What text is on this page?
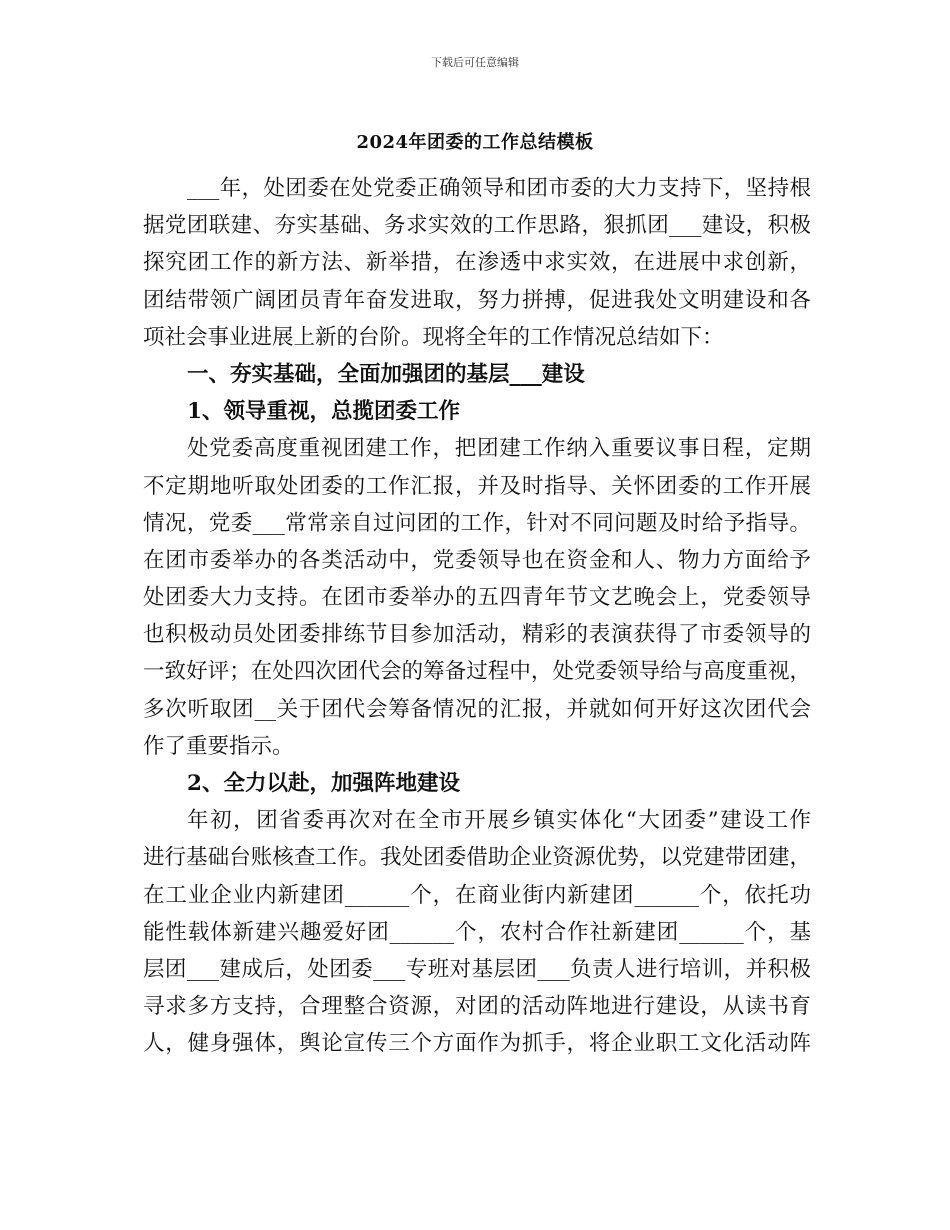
下载后可任意编辑
2024年团委的工作总结模板
___年，处团委在处党委正确领导和团市委的大力支持下，坚持根
据党团联建、夯实基础、务求实效的工作思路，狠抓团___建设，积极
探究团工作的新方法、新举措，在渗透中求实效，在进展中求创新，
团结带领广阔团员青年奋发进取，努力拼搏，促进我处文明建设和各
项社会事业进展上新的台阶。现将全年的工作情况总结如下：
一、夯实基础，全面加强团的基层___建设
1、领导重视，总揽团委工作
处党委高度重视团建工作，把团建工作纳入重要议事日程，定期
不定期地听取处团委的工作汇报，并及时指导、关怀团委的工作开展
情况，党委___常常亲自过问团的工作，针对不同问题及时给予指导。
在团市委举办的各类活动中，党委领导也在资金和人、物力方面给予
处团委大力支持。在团市委举办的五四青年节文艺晚会上，党委领导
也积极动员处团委排练节目参加活动，精彩的表演获得了市委领导的
一致好评；在处四次团代会的筹备过程中，处党委领导给与高度重视，
多次听取团__关于团代会筹备情况的汇报，并就如何开好这次团代会
作了重要指示。
2、全力以赴，加强阵地建设
年初，团省委再次对在全市开展乡镇实体化“大团委”建设工作
进行基础台账核查工作。我处团委借助企业资源优势，以党建带团建，
在工业企业内新建团______个，在商业街内新建团______个，依托功
能性载体新建兴趣爱好团______个，农村合作社新建团______个，基
层团___建成后，处团委___专班对基层团___负责人进行培训，并积极
寻求多方支持，合理整合资源，对团的活动阵地进行建设，从读书育
人，健身强体，舆论宣传三个方面作为抓手，将企业职工文化活动阵
